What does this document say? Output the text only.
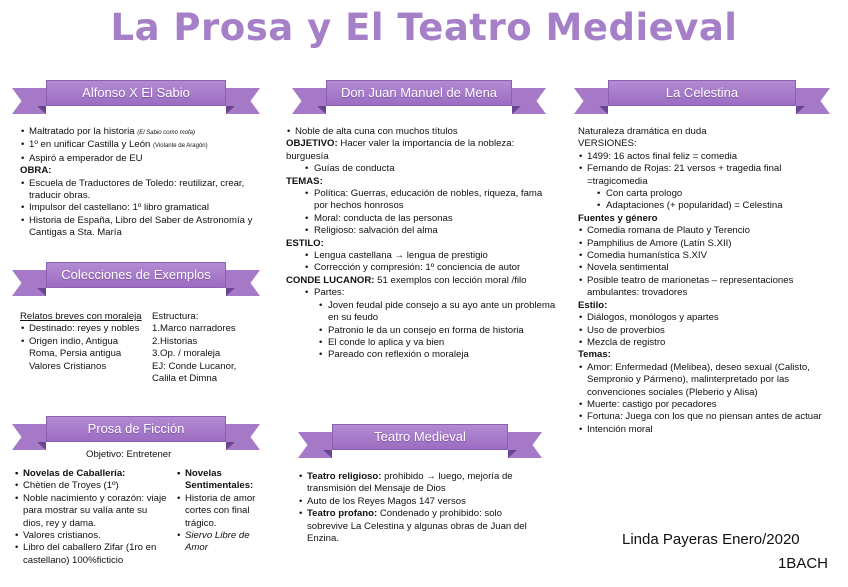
La Prosa y El Teatro Medieval
Alfonso X El Sabio
• Maltratado por la historia (El Sabio como mofa)
• 1º en unificar Castilla y León (Violante de Aragón)
• Aspiró a emperador de EU

OBRA:

• Escuela de Traductores de Toledo: reutilizar, crear, traducir obras.
• Impulsor del castellano: 1º libro gramatical
• Historia de España, Libro del Saber de Astronomía y Cantigas a Sta. María
Colecciones de Exemplos

Relatos breves con moraleja

• Destinado: reyes y nobles
• Origen indio, Antigua Roma, Persia antigua Valores Cristianos

Estructura:

1.Marco narradores

2.Historias

3.Op. / moraleja

EJ: Conde Lucanor, Calila et Dimna

Prosa de Ficción
Objetivo: Entretener
• Novelas de Caballería:
• Chètien de Troyes (1º)
• Noble nacimiento y corazón: viaje para mostrar su valía ante su dios, rey y dama.
• Valores cristianos.
• Libro del caballero Zifar (1ro en castellano) 100%ficticio
• Novelas Sentimentales:
• Historia de amor cortes con final trágico.
• Siervo Libre de Amor
Don Juan Manuel de Mena
• Noble de alta cuna con muchos títulos

OBJETIVO: Hacer valer la importancia de la nobleza: burguesía

• Guías de conducta

TEMAS:

• Política: Guerras, educación de nobles, riqueza, fama por hechos honrosos
• Moral: conducta de las personas
• Religioso: salvación del alma

ESTILO:

• Lengua castellana → lengua de prestigio
• Corrección y compresión: 1º conciencia de autor

CONDE LUCANOR: 51 exemplos con lección moral /filo

• Partes:
• Joven feudal pide consejo a su ayo ante un problema en su feudo
• Patronio le da un consejo en forma de historia
• El conde lo aplica y va bien
• Pareado con reflexión o moraleja
Teatro Medieval
• Teatro religioso: prohibido → luego, mejoría de transmisión del Mensaje de Dios
• Auto de los Reyes Magos 147 versos
• Teatro profano: Condenado y prohibido: solo sobrevive La Celestina y algunas obras de Juan del Enzina.
La Celestina

Naturaleza dramática en duda

VERSIONES:

• 1499: 16 actos final feliz = comedia
• Fernando de Rojas: 21 versos + tragedia final =tragicomedia
• Con carta prologo
• Adaptaciones (+ popularidad) = Celestina

Fuentes y género

• Comedia romana de Plauto y Terencio
• Pamphilius de Amore (Latín S.XII)
• Comedia humanística S.XIV
• Novela sentimental
• Posible teatro de marionetas – representaciones ambulantes: trovadores

Estilo:

• Diálogos, monólogos y apartes
• Uso de proverbios
• Mezcla de registro

Temas:

• Amor: Enfermedad (Melibea), deseo sexual (Calisto, Sempronio y Pármeno), malinterpretado por las convenciones sociales (Pleberio y Alisa)
• Muerte: castigo por pecadores
• Fortuna: Juega con los que no piensan antes de actuar
• Intención moral
Linda Payeras Enero/2020
1BACH
